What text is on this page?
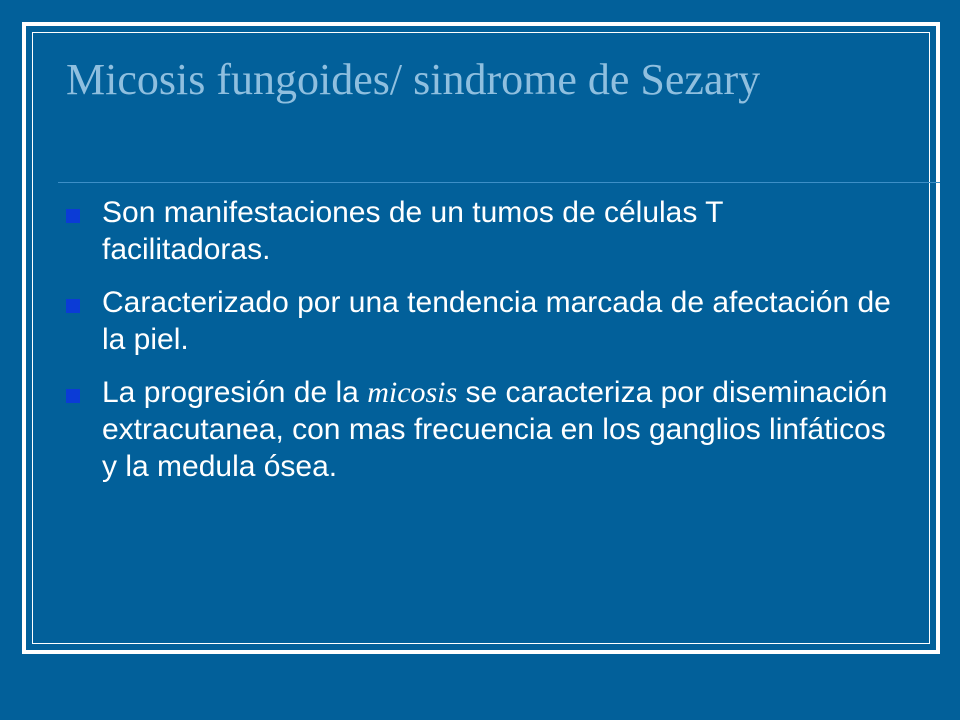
Micosis fungoides/ sindrome de Sezary
Son manifestaciones de un tumos de células T facilitadoras.
Caracterizado por una tendencia marcada de afectación de la piel.
La progresión de la micosis se caracteriza por diseminación extracutanea, con mas frecuencia en los ganglios linfáticos y la medula ósea.
